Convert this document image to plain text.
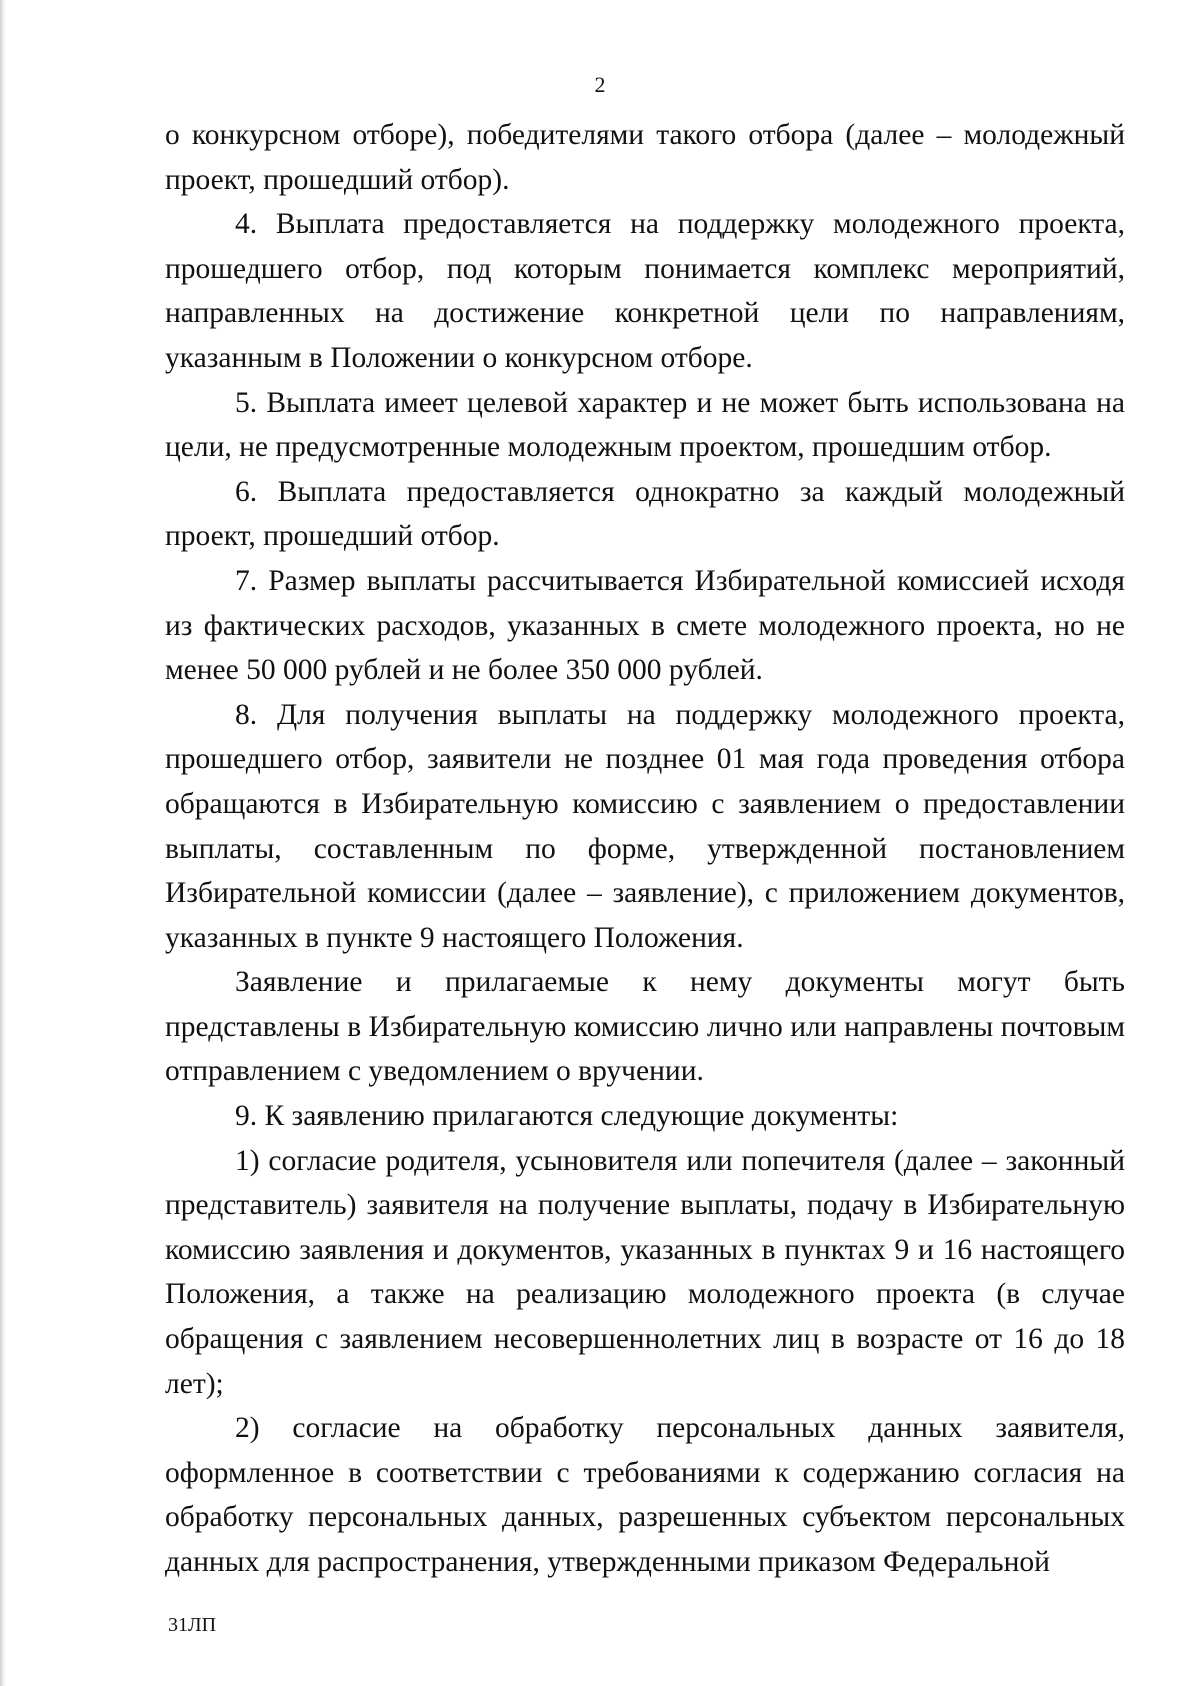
2

о конкурсном отборе), победителями такого отбора (далее – молодежный проект, прошедший отбор).

4. Выплата предоставляется на поддержку молодежного проекта, прошедшего отбор, под которым понимается комплекс мероприятий, направленных на достижение конкретной цели по направлениям, указанным в Положении о конкурсном отборе.

5. Выплата имеет целевой характер и не может быть использована на цели, не предусмотренные молодежным проектом, прошедшим отбор.

6. Выплата предоставляется однократно за каждый молодежный проект, прошедший отбор.

7. Размер выплаты рассчитывается Избирательной комиссией исходя из фактических расходов, указанных в смете молодежного проекта, но не менее 50 000 рублей и не более 350 000 рублей.

8. Для получения выплаты на поддержку молодежного проекта, прошедшего отбор, заявители не позднее 01 мая года проведения отбора обращаются в Избирательную комиссию с заявлением о предоставлении выплаты, составленным по форме, утвержденной постановлением Избирательной комиссии (далее – заявление), с приложением документов, указанных в пункте 9 настоящего Положения.

Заявление и прилагаемые к нему документы могут быть представлены в Избирательную комиссию лично или направлены почтовым отправлением с уведомлением о вручении.

9. К заявлению прилагаются следующие документы:

1) согласие родителя, усыновителя или попечителя (далее – законный представитель) заявителя на получение выплаты, подачу в Избирательную комиссию заявления и документов, указанных в пунктах 9 и 16 настоящего Положения, а также на реализацию молодежного проекта (в случае обращения с заявлением несовершеннолетних лиц в возрасте от 16 до 18 лет);

2) согласие на обработку персональных данных заявителя, оформленное в соответствии с требованиями к содержанию согласия на обработку персональных данных, разрешенных субъектом персональных данных для распространения, утвержденными приказом Федеральной

31ЛП
